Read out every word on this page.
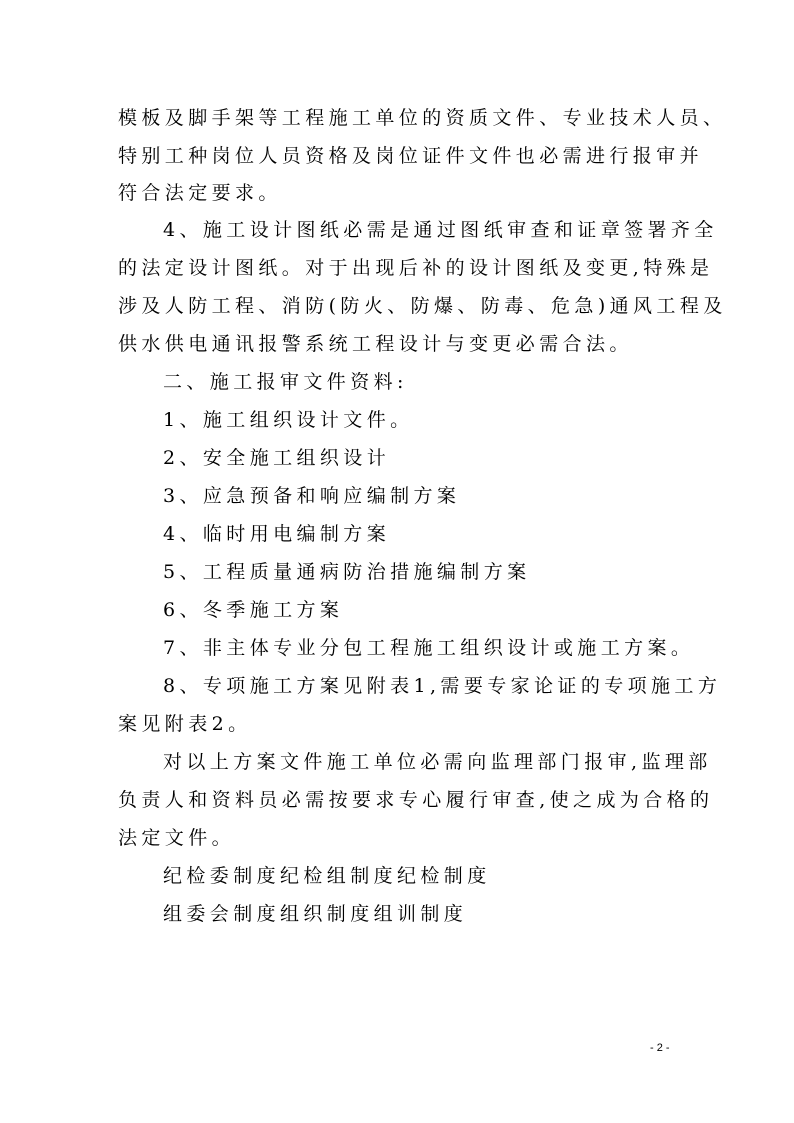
模板及脚手架等工程施工单位的资质文件、专业技术人员、
特别工种岗位人员资格及岗位证件文件也必需进行报审并
符合法定要求。
4、施工设计图纸必需是通过图纸审查和证章签署齐全
的法定设计图纸。对于出现后补的设计图纸及变更,特殊是
涉及人防工程、消防(防火、防爆、防毒、危急)通风工程及
供水供电通讯报警系统工程设计与变更必需合法。
二、施工报审文件资料:
1、施工组织设计文件。
2、安全施工组织设计
3、应急预备和响应编制方案
4、临时用电编制方案
5、工程质量通病防治措施编制方案
6、冬季施工方案
7、非主体专业分包工程施工组织设计或施工方案。
8、专项施工方案见附表1,需要专家论证的专项施工方
案见附表2。
对以上方案文件施工单位必需向监理部门报审,监理部
负责人和资料员必需按要求专心履行审查,使之成为合格的
法定文件。
纪检委制度纪检组制度纪检制度
组委会制度组织制度组训制度
- 2 -
